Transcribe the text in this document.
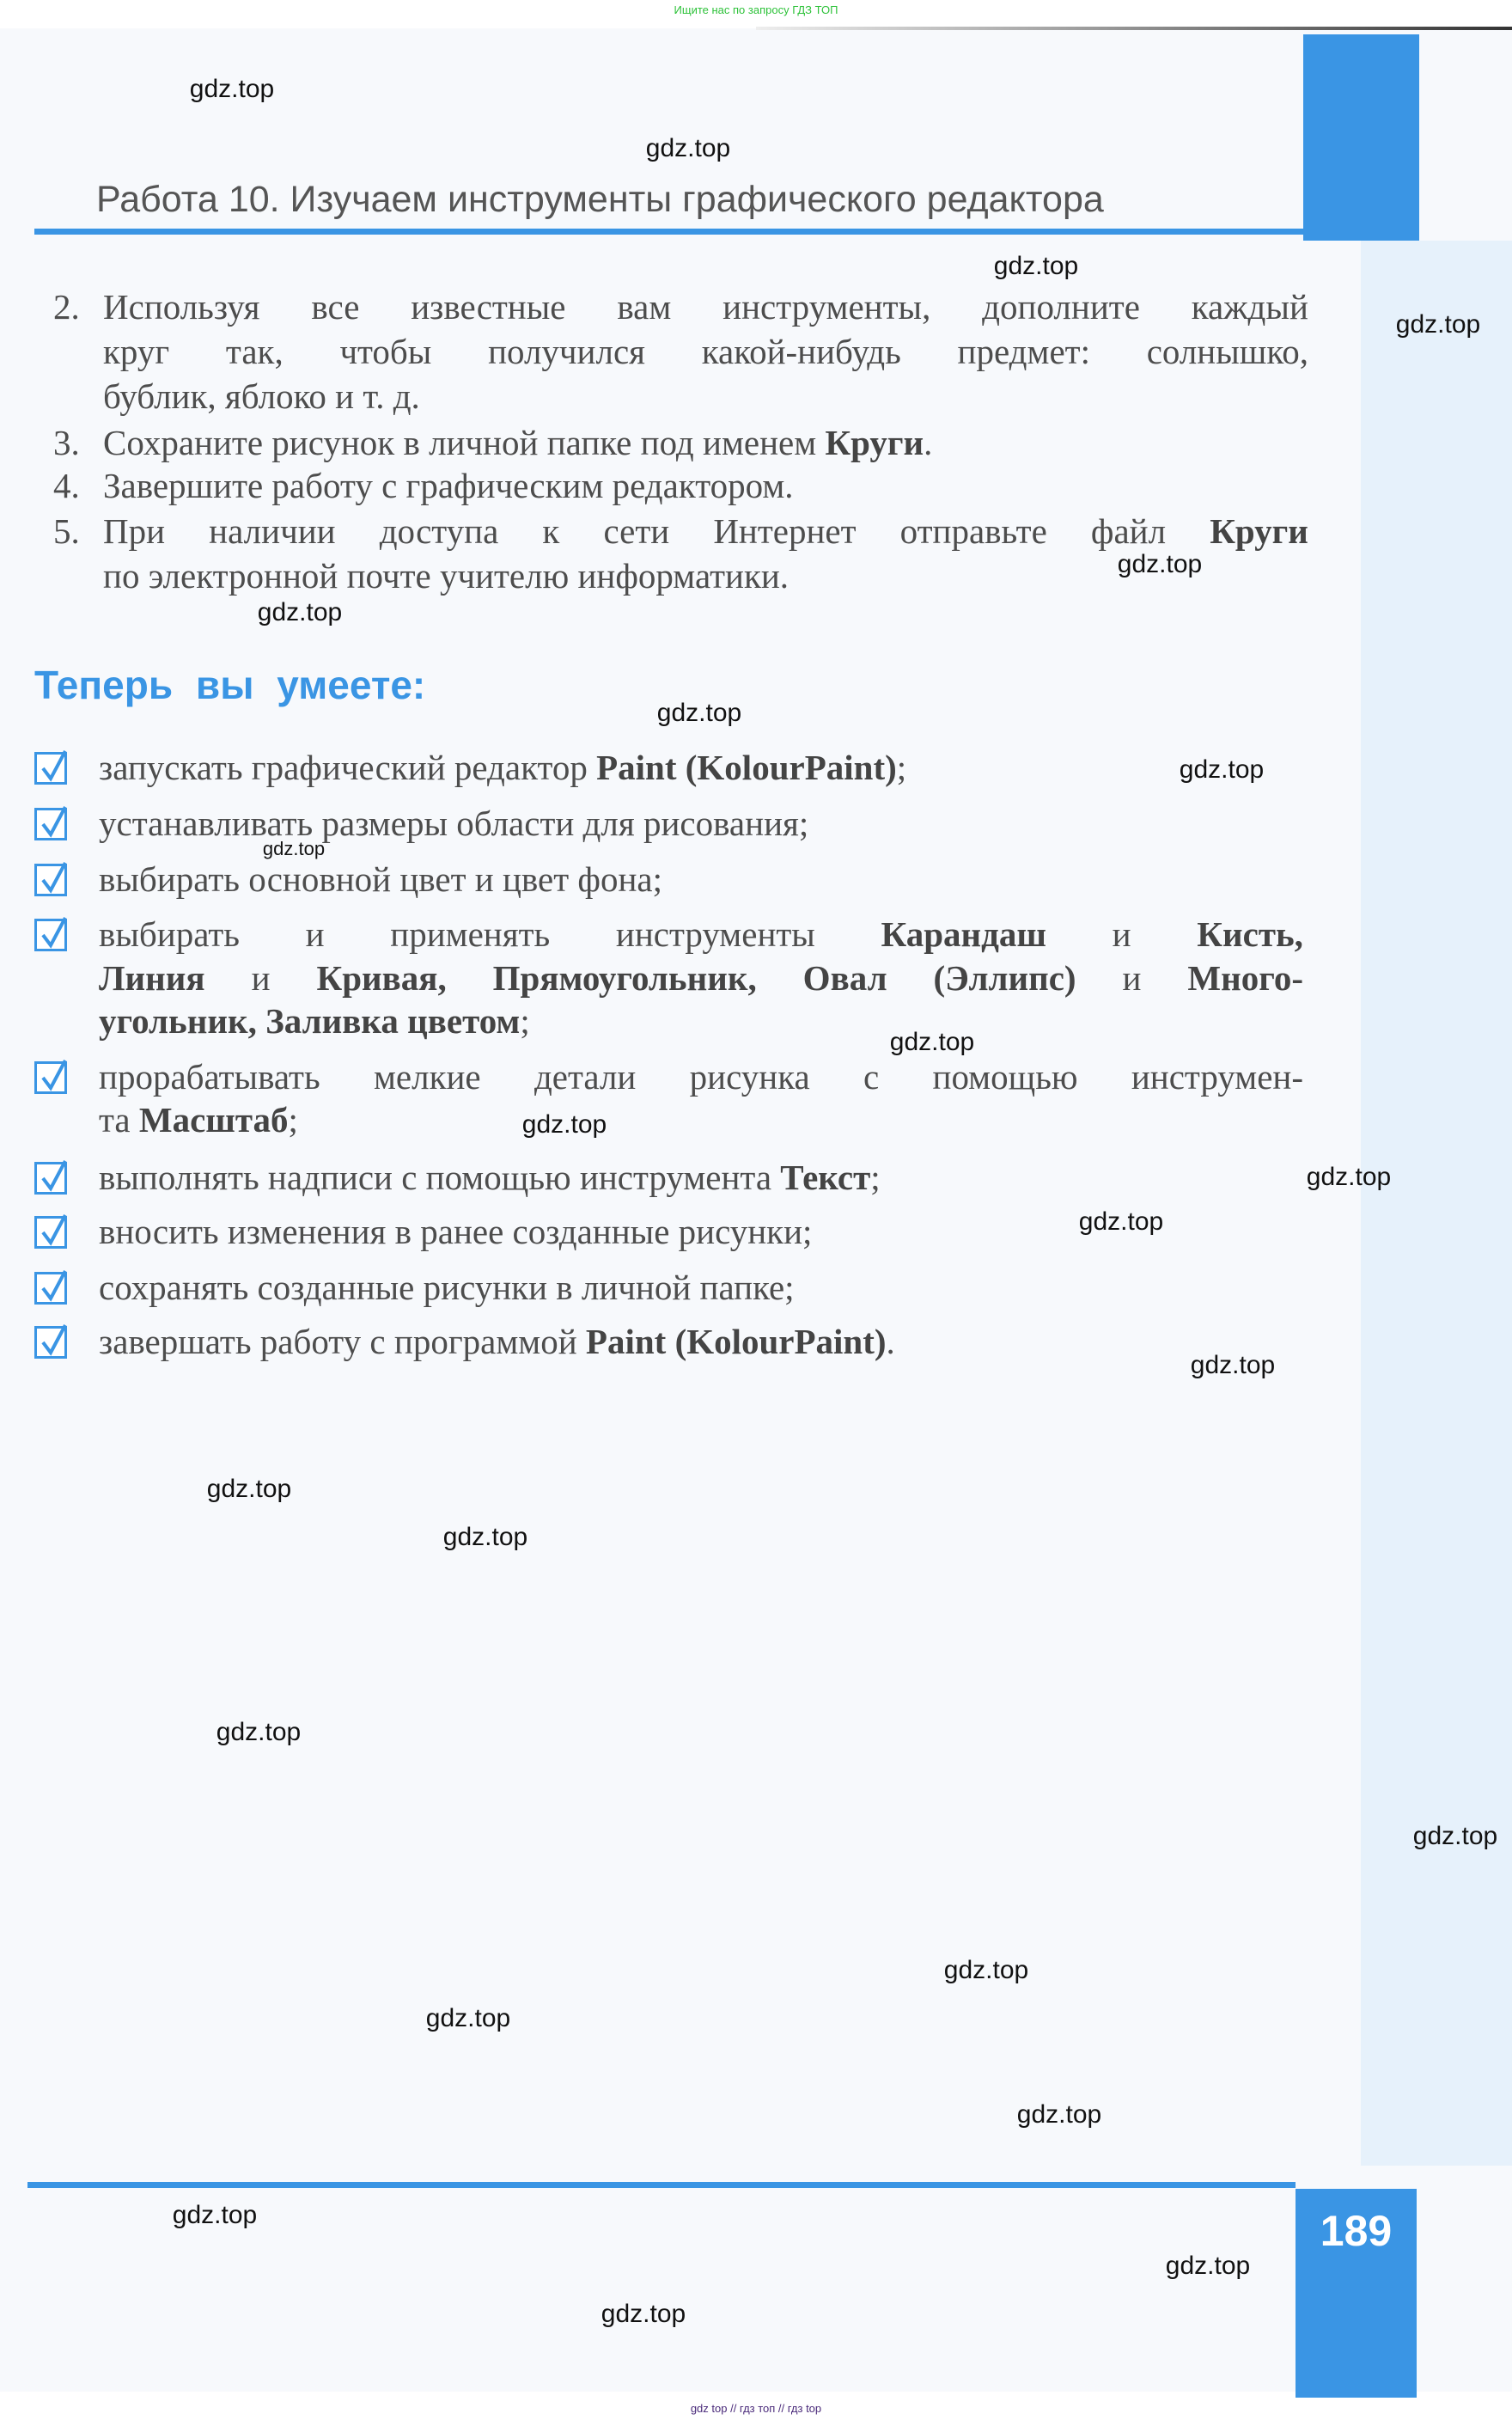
Ищите нас по запросу ГДЗ ТОП
Работа 10. Изучаем инструменты графического редактора
2. Используя все известные вам инструменты, дополните каждый
круг так, чтобы получился какой-нибудь предмет: солнышко,
бублик, яблоко и т. д.
3. Сохраните рисунок в личной папке под именем Круги .
4. Завершите работу с графическим редактором.
5. При наличии доступа к сети Интернет отправьте файл Круги
по электронной почте учителю информатики.
Теперь вы умеете:
запускать графический редактор Paint (KolourPaint) ;
устанавливать размеры области для рисования;
выбирать основной цвет и цвет фона;
выбирать и применять инструменты Карандаш и Кисть,
Линия и Кривая, Прямоугольник, Овал (Эллипс) и Много-
угольник, Заливка цветом ;
прорабатывать мелкие детали рисунка с помощью инструмен-
та Масштаб ;
выполнять надписи с помощью инструмента Текст ;
вносить изменения в ранее созданные рисунки;
сохранять созданные рисунки в личной папке;
завершать работу с программой Paint (KolourPaint) .
189
gdz.top
gdz.top
gdz.top
gdz.top
gdz.top
gdz.top
gdz.top
gdz.top
gdz.top
gdz.top
gdz.top
gdz.top
gdz.top
gdz.top
gdz.top
gdz.top
gdz.top
gdz.top
gdz.top
gdz.top
gdz.top
gdz.top
gdz.top
gdz.top
gdz top // гдз топ // гдз top
